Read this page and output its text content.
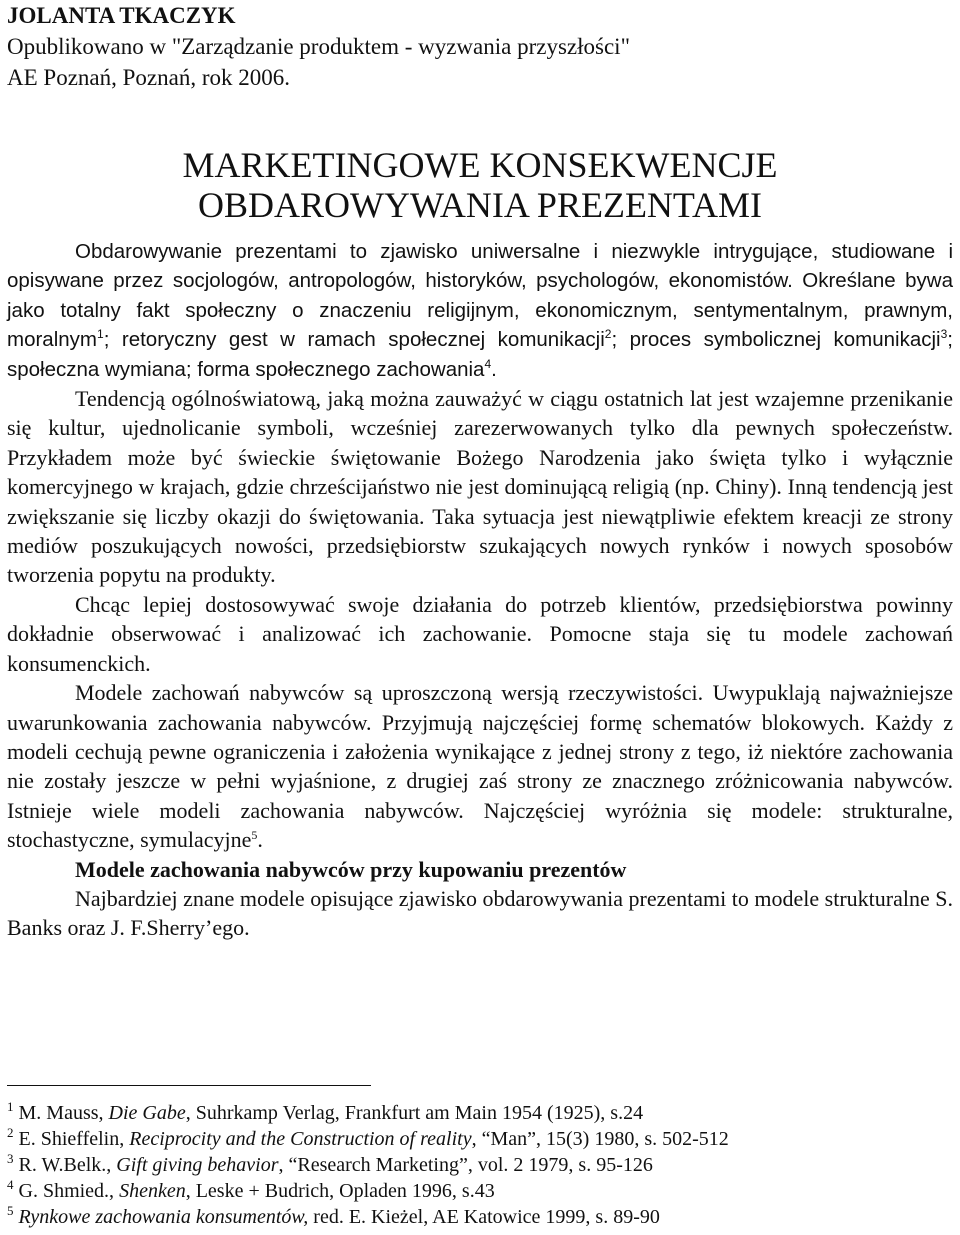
JOLANTA TKACZYK
Opublikowano w "Zarządzanie produktem - wyzwania przyszłości"
AE Poznań, Poznań, rok 2006.
MARKETINGOWE KONSEKWENCJE
OBDAROWYWANIA PREZENTAMI

Obdarowywanie prezentami to zjawisko uniwersalne i niezwykle intrygujące, studiowane i opisywane przez socjologów, antropologów, historyków, psychologów, ekonomistów. Określane bywa jako totalny fakt społeczny o znaczeniu religijnym, ekonomicznym, sentymentalnym, prawnym, moralnym$^1$; retoryczny gest w ramach społecznej komunikacji$^2$; proces symbolicznej komunikacji$^3$; społeczna wymiana; forma społecznego zachowania$^4$.

Tendencją ogólnoświatową, jaką można zauważyć w ciągu ostatnich lat jest wzajemne przenikanie się kultur, ujednolicanie symboli, wcześniej zarezerwowanych tylko dla pewnych społeczeństw. Przykładem może być świeckie świętowanie Bożego Narodzenia jako święta tylko i wyłącznie komercyjnego w krajach, gdzie chrześcijaństwo nie jest dominującą religią (np. Chiny). Inną tendencją jest zwiększanie się liczby okazji do świętowania. Taka sytuacja jest niewątpliwie efektem kreacji ze strony mediów poszukujących nowości, przedsiębiorstw szukających nowych rynków i nowych sposobów tworzenia popytu na produkty.

Chcąc lepiej dostosowywać swoje działania do potrzeb klientów, przedsiębiorstwa powinny dokładnie obserwować i analizować ich zachowanie. Pomocne staja się tu modele zachowań konsumenckich.

Modele zachowań nabywców są uproszczoną wersją rzeczywistości. Uwypuklają najważniejsze uwarunkowania zachowania nabywców. Przyjmują najczęściej formę schematów blokowych. Każdy z modeli cechują pewne ograniczenia i założenia wynikające z jednej strony z tego, iż niektóre zachowania nie zostały jeszcze w pełni wyjaśnione, z drugiej zaś strony ze znacznego zróżnicowania nabywców. Istnieje wiele modeli zachowania nabywców. Najczęściej wyróżnia się modele: strukturalne, stochastyczne, symulacyjne$^5$.

Modele zachowania nabywców przy kupowaniu prezentów

Najbardziej znane modele opisujące zjawisko obdarowywania prezentami to modele strukturalne S. Banks oraz J. F.Sherry’ego.

$^1$ M. Mauss, Die Gabe, Suhrkamp Verlag, Frankfurt am Main 1954 (1925), s.24
$^2$ E. Shieffelin, Reciprocity and the Construction of reality, “Man”, 15(3) 1980, s. 502-512
$^3$ R. W.Belk., Gift giving behavior, “Research Marketing”, vol. 2 1979, s. 95-126
$^4$ G. Shmied., Shenken, Leske + Budrich, Opladen 1996, s.43
$^5$ Rynkowe zachowania konsumentów, red. E. Kieżel, AE Katowice 1999, s. 89-90
